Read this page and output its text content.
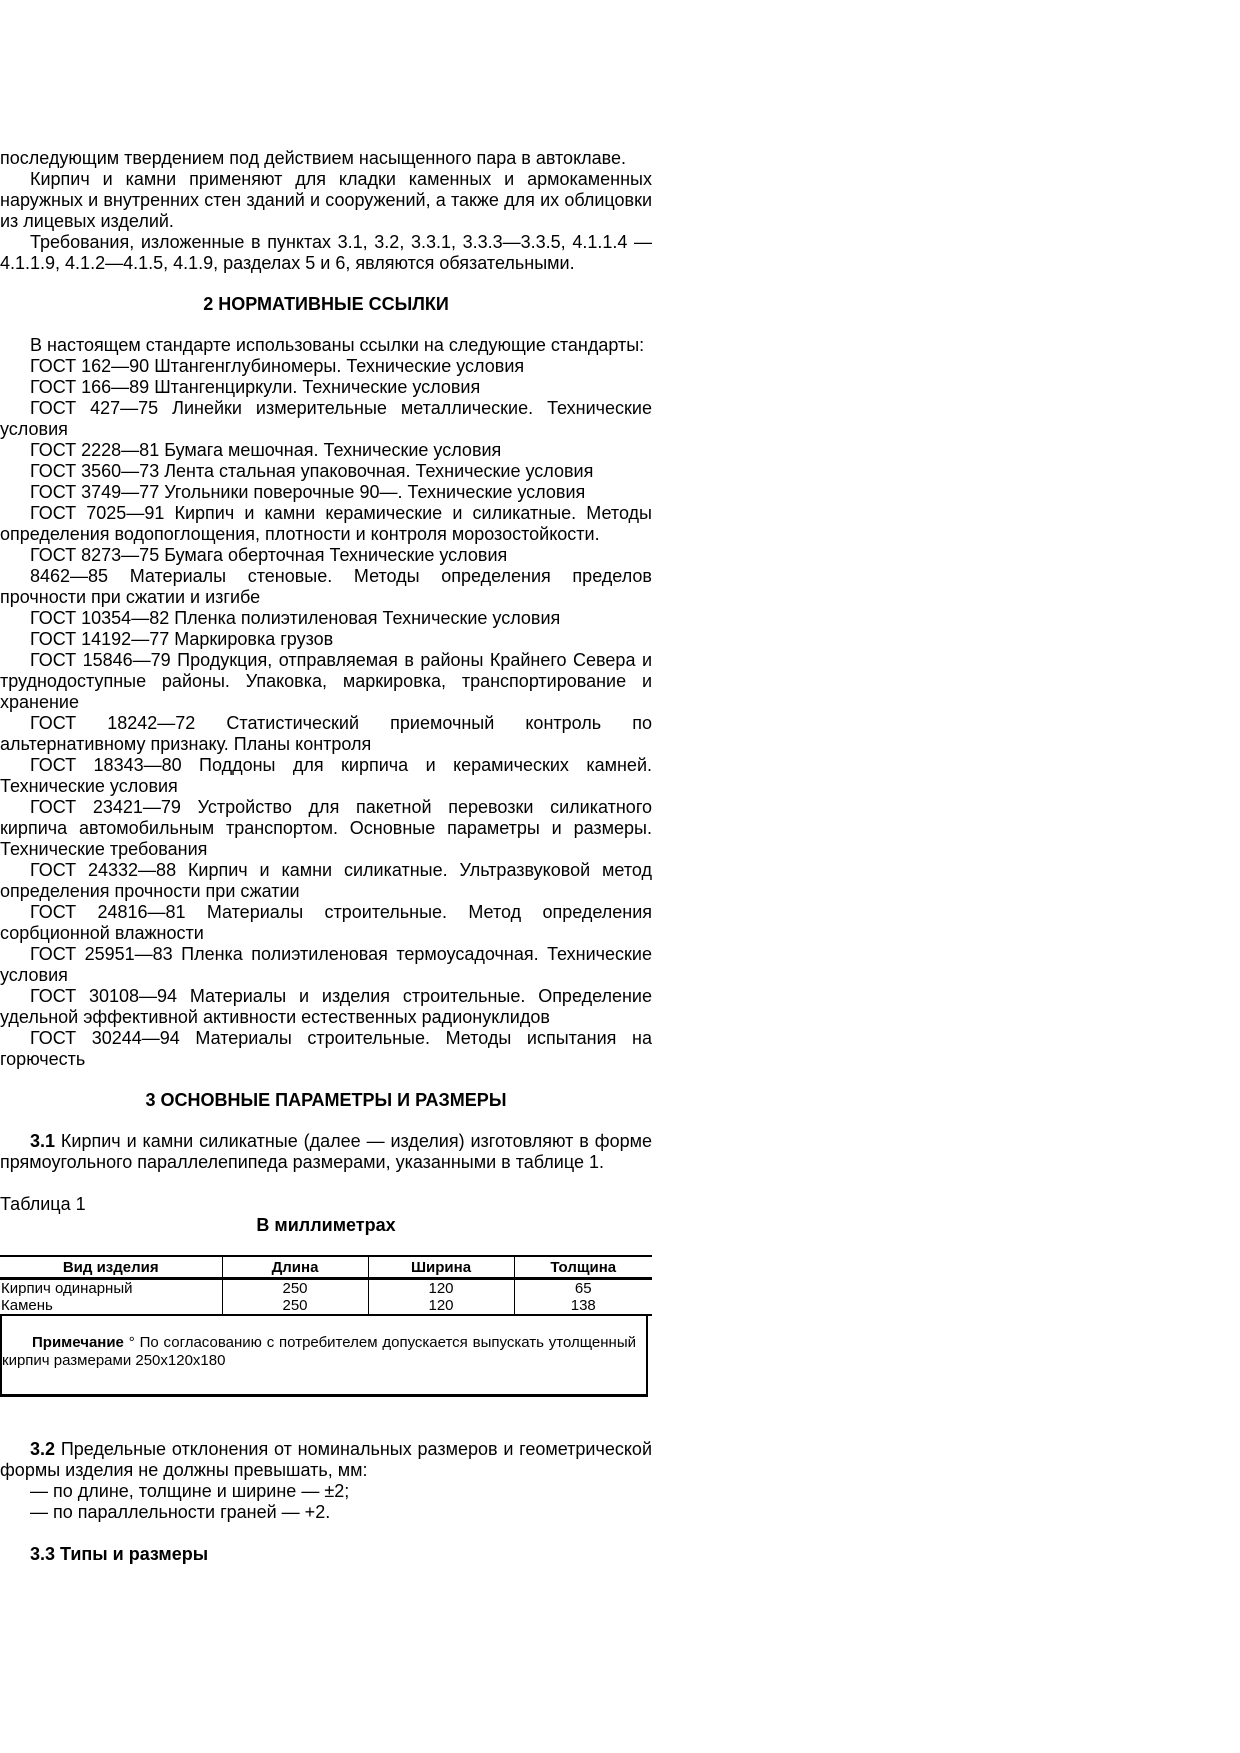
последующим твердением под действием насыщенного пара в автоклаве.

Кирпич и камни применяют для кладки каменных и армокаменных наружных и внутренних стен зданий и сооружений, а также для их облицовки из лицевых изделий.

Требования, изложенные в пунктах 3.1, 3.2, 3.3.1, 3.3.3—3.3.5, 4.1.1.4 —4.1.1.9, 4.1.2—4.1.5, 4.1.9, разделах 5 и 6, являются обязательными.

2 НОРМАТИВНЫЕ ССЫЛКИ

В настоящем стандарте использованы ссылки на следующие стандарты:

ГОСТ 162—90 Штангенглубиномеры. Технические условия

ГОСТ 166—89 Штангенциркули. Технические условия

ГОСТ 427—75 Линейки измерительные металлические. Технические условия

ГОСТ 2228—81 Бумага мешочная. Технические условия

ГОСТ 3560—73 Лента стальная упаковочная. Технические условия

ГОСТ 3749—77 Угольники поверочные 90—. Технические условия

ГОСТ 7025—91 Кирпич и камни керамические и силикатные. Методы определения водопоглощения, плотности и контроля морозостойкости.

ГОСТ 8273—75 Бумага оберточная Технические условия

8462—85 Материалы стеновые. Методы определения пределов прочности при сжатии и изгибе

ГОСТ 10354—82 Пленка полиэтиленовая Технические условия

ГОСТ 14192—77 Маркировка грузов

ГОСТ 15846—79 Продукция, отправляемая в районы Крайнего Севера и труднодоступные районы. Упаковка, маркировка, транспортирование и хранение

ГОСТ 18242—72 Статистический приемочный контроль по альтернативному признаку. Планы контроля

ГОСТ 18343—80 Поддоны для кирпича и керамических камней. Технические условия

ГОСТ 23421—79 Устройство для пакетной перевозки силикатного кирпича автомобильным транспортом. Основные параметры и размеры. Технические требования

ГОСТ 24332—88 Кирпич и камни силикатные. Ультразвуковой метод определения прочности при сжатии

ГОСТ 24816—81 Материалы строительные. Метод определения сорбционной влажности

ГОСТ 25951—83 Пленка полиэтиленовая термоусадочная. Технические условия

ГОСТ 30108—94 Материалы и изделия строительные. Определение удельной эффективной активности естественных радионуклидов

ГОСТ 30244—94 Материалы строительные. Методы испытания на горючесть

3 ОСНОВНЫЕ ПАРАМЕТРЫ И РАЗМЕРЫ

3.1 Кирпич и камни силикатные (далее — изделия) изготовляют в форме прямоугольного параллелепипеда размерами, указанными в таблице 1.

Таблица 1

В миллиметрах

Вид изделия	Длина	Ширина	Толщина
Кирпич одинарный	250	120	65
Камень	250	120	138

Примечание ° По согласованию с потребителем допускается выпускать утолщенный кирпич размерами 250x120x180

3.2 Предельные отклонения от номинальных размеров и геометрической формы изделия не должны превышать, мм:

— по длине, толщине и ширине — ±2;

— по параллельности граней — +2.

3.3 Типы и размеры
